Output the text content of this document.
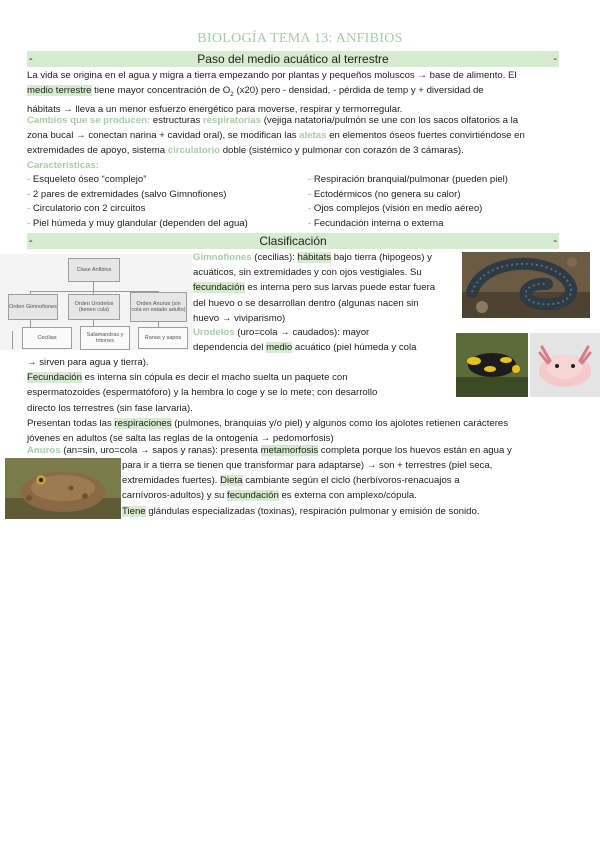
BIOLOGÍA TEMA 13: ANFIBIOS
-	Paso del medio acuático al terrestre	-
La vida se origina en el agua y migra a tierra empezando por plantas y pequeños moluscos → base de alimento. El
medio terrestre tiene mayor concentración de $O_2$ (x20) pero - densidad, - pérdida de temp y + diversidad de
hábitats → lleva a un menor esfuerzo energético para moverse, respirar y termorregular.
Cambios que se producen: estructuras respiratorias (vejiga natatoria/pulmón se une con los sacos olfatorios a la
zona bucal → conectan narina + cavidad oral), se modifican las aletas en elementos óseos fuertes convirtiéndose en
extremidades de apoyo, sistema circulatorio doble (sistémico y pulmonar con corazón de 3 cámaras).
Características:
- Esqueleto óseo “complejo”
- 2 pares de extremidades (salvo Gimnofiones)
- Circulatorio con 2 circuitos
- Piel húmeda y muy glandular (dependen del agua)
- Respiración branquial/pulmonar (pueden piel)
- Ectodérmicos (no genera su calor)
- Ojos complejos (visión en medio aéreo)
- Fecundación interna o externa
-	Clasificación	-
Clase Anfibios
Orden Gimnofiones	Orden Urodelos (tienen cola)
Orden Anuros (sin cola en estado adulto)
Cecilias	Salamandras y tritones	Ranas y sapos
Gimnofiones (cecilias): hábitats bajo tierra (hipogeos) y
acuáticos, sin extremidades y con ojos vestigiales. Su
fecundación es interna pero sus larvas puede estar fuera
del huevo o se desarrollan dentro (algunas nacen sin
huevo → viviparismo)
Urodelos (uro=cola → caudados): mayor
dependencia del medio acuático (piel húmeda y cola
→ sirven para agua y tierra).
Fecundación es interna sin cópula es decir el macho suelta un paquete con
espermatozoides (espermatóforo) y la hembra lo coge y se lo mete; con desarrollo
directo los terrestres (sin fase larvaria).
Presentan todas las respiraciones (pulmones, branquias y/o piel) y algunos como los ajolotes retienen carácteres
jóvenes en adultos (se salta las reglas de la ontogenia → pedomorfosis)
Anuros (an=sin, uro=cola → sapos y ranas): presenta metamorfosis completa porque los huevos están en agua y
para ir a tierra se tienen que transformar para adaptarse) → son + terrestres (piel seca,
extremidades fuertes). Dieta cambiante según el ciclo (herbívoros-renacuajos a
carnívoros-adultos) y su fecundación es externa con amplexo/cópula.
Tiene glándulas especializadas (toxinas), respiración pulmonar y emisión de sonido.
